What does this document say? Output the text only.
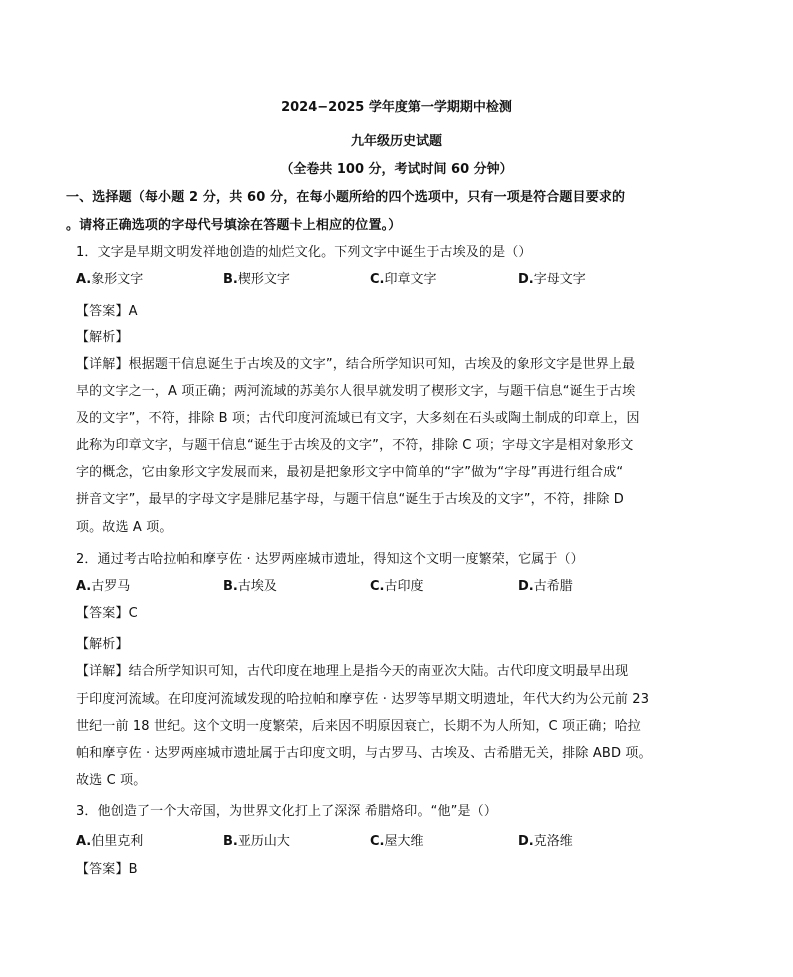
2024−2025 学年度第一学期期中检测
九年级历史试题
（全卷共 100 分，考试时间 60 分钟）
一、选择题（每小题 2 分，共 60 分，在每小题所给的四个选项中，只有一项是符合题目要求的
。请将正确选项的字母代号填涂在答题卡上相应的位置。）
1．文字是早期文明发祥地创造的灿烂文化。下列文字中诞生于古埃及的是（）
A.象形文字	B.楔形文字	C.印章文字	D.字母文字
【答案】A
【解析】
【详解】根据题干信息诞生于古埃及的文字”，结合所学知识可知，古埃及的象形文字是世界上最
早的文字之一，A 项正确；两河流域的苏美尔人很早就发明了楔形文字，与题干信息“诞生于古埃
及的文字”，不符，排除 B 项；古代印度河流域已有文字，大多刻在石头或陶土制成的印章上，因
此称为印章文字，与题干信息“诞生于古埃及的文字”，不符，排除 C 项；字母文字是相对象形文
字的概念，它由象形文字发展而来，最初是把象形文字中简单的“字”做为“字母”再进行组合成“
拼音文字”，最早的字母文字是腓尼基字母，与题干信息“诞生于古埃及的文字”，不符，排除 D
项。故选 A 项。
2．通过考古哈拉帕和摩亨佐 · 达罗两座城市遗址，得知这个文明一度繁荣，它属于（）
A.古罗马	B.古埃及	C.古印度	D.古希腊
【答案】C
【解析】
【详解】结合所学知识可知，古代印度在地理上是指今天的南亚次大陆。古代印度文明最早出现
于印度河流域。在印度河流域发现的哈拉帕和摩亨佐 · 达罗等早期文明遗址，年代大约为公元前 23
世纪一前 18 世纪。这个文明一度繁荣，后来因不明原因衰亡，长期不为人所知，C 项正确；哈拉
帕和摩亨佐 · 达罗两座城市遗址属于古印度文明，与古罗马、古埃及、古希腊无关，排除 ABD 项。
故选 C 项。
3．他创造了一个大帝国，为世界文化打上了深深 希腊烙印。“他”是（）
A.伯里克利	B.亚历山大	C.屋大维	D.克洛维
【答案】B
